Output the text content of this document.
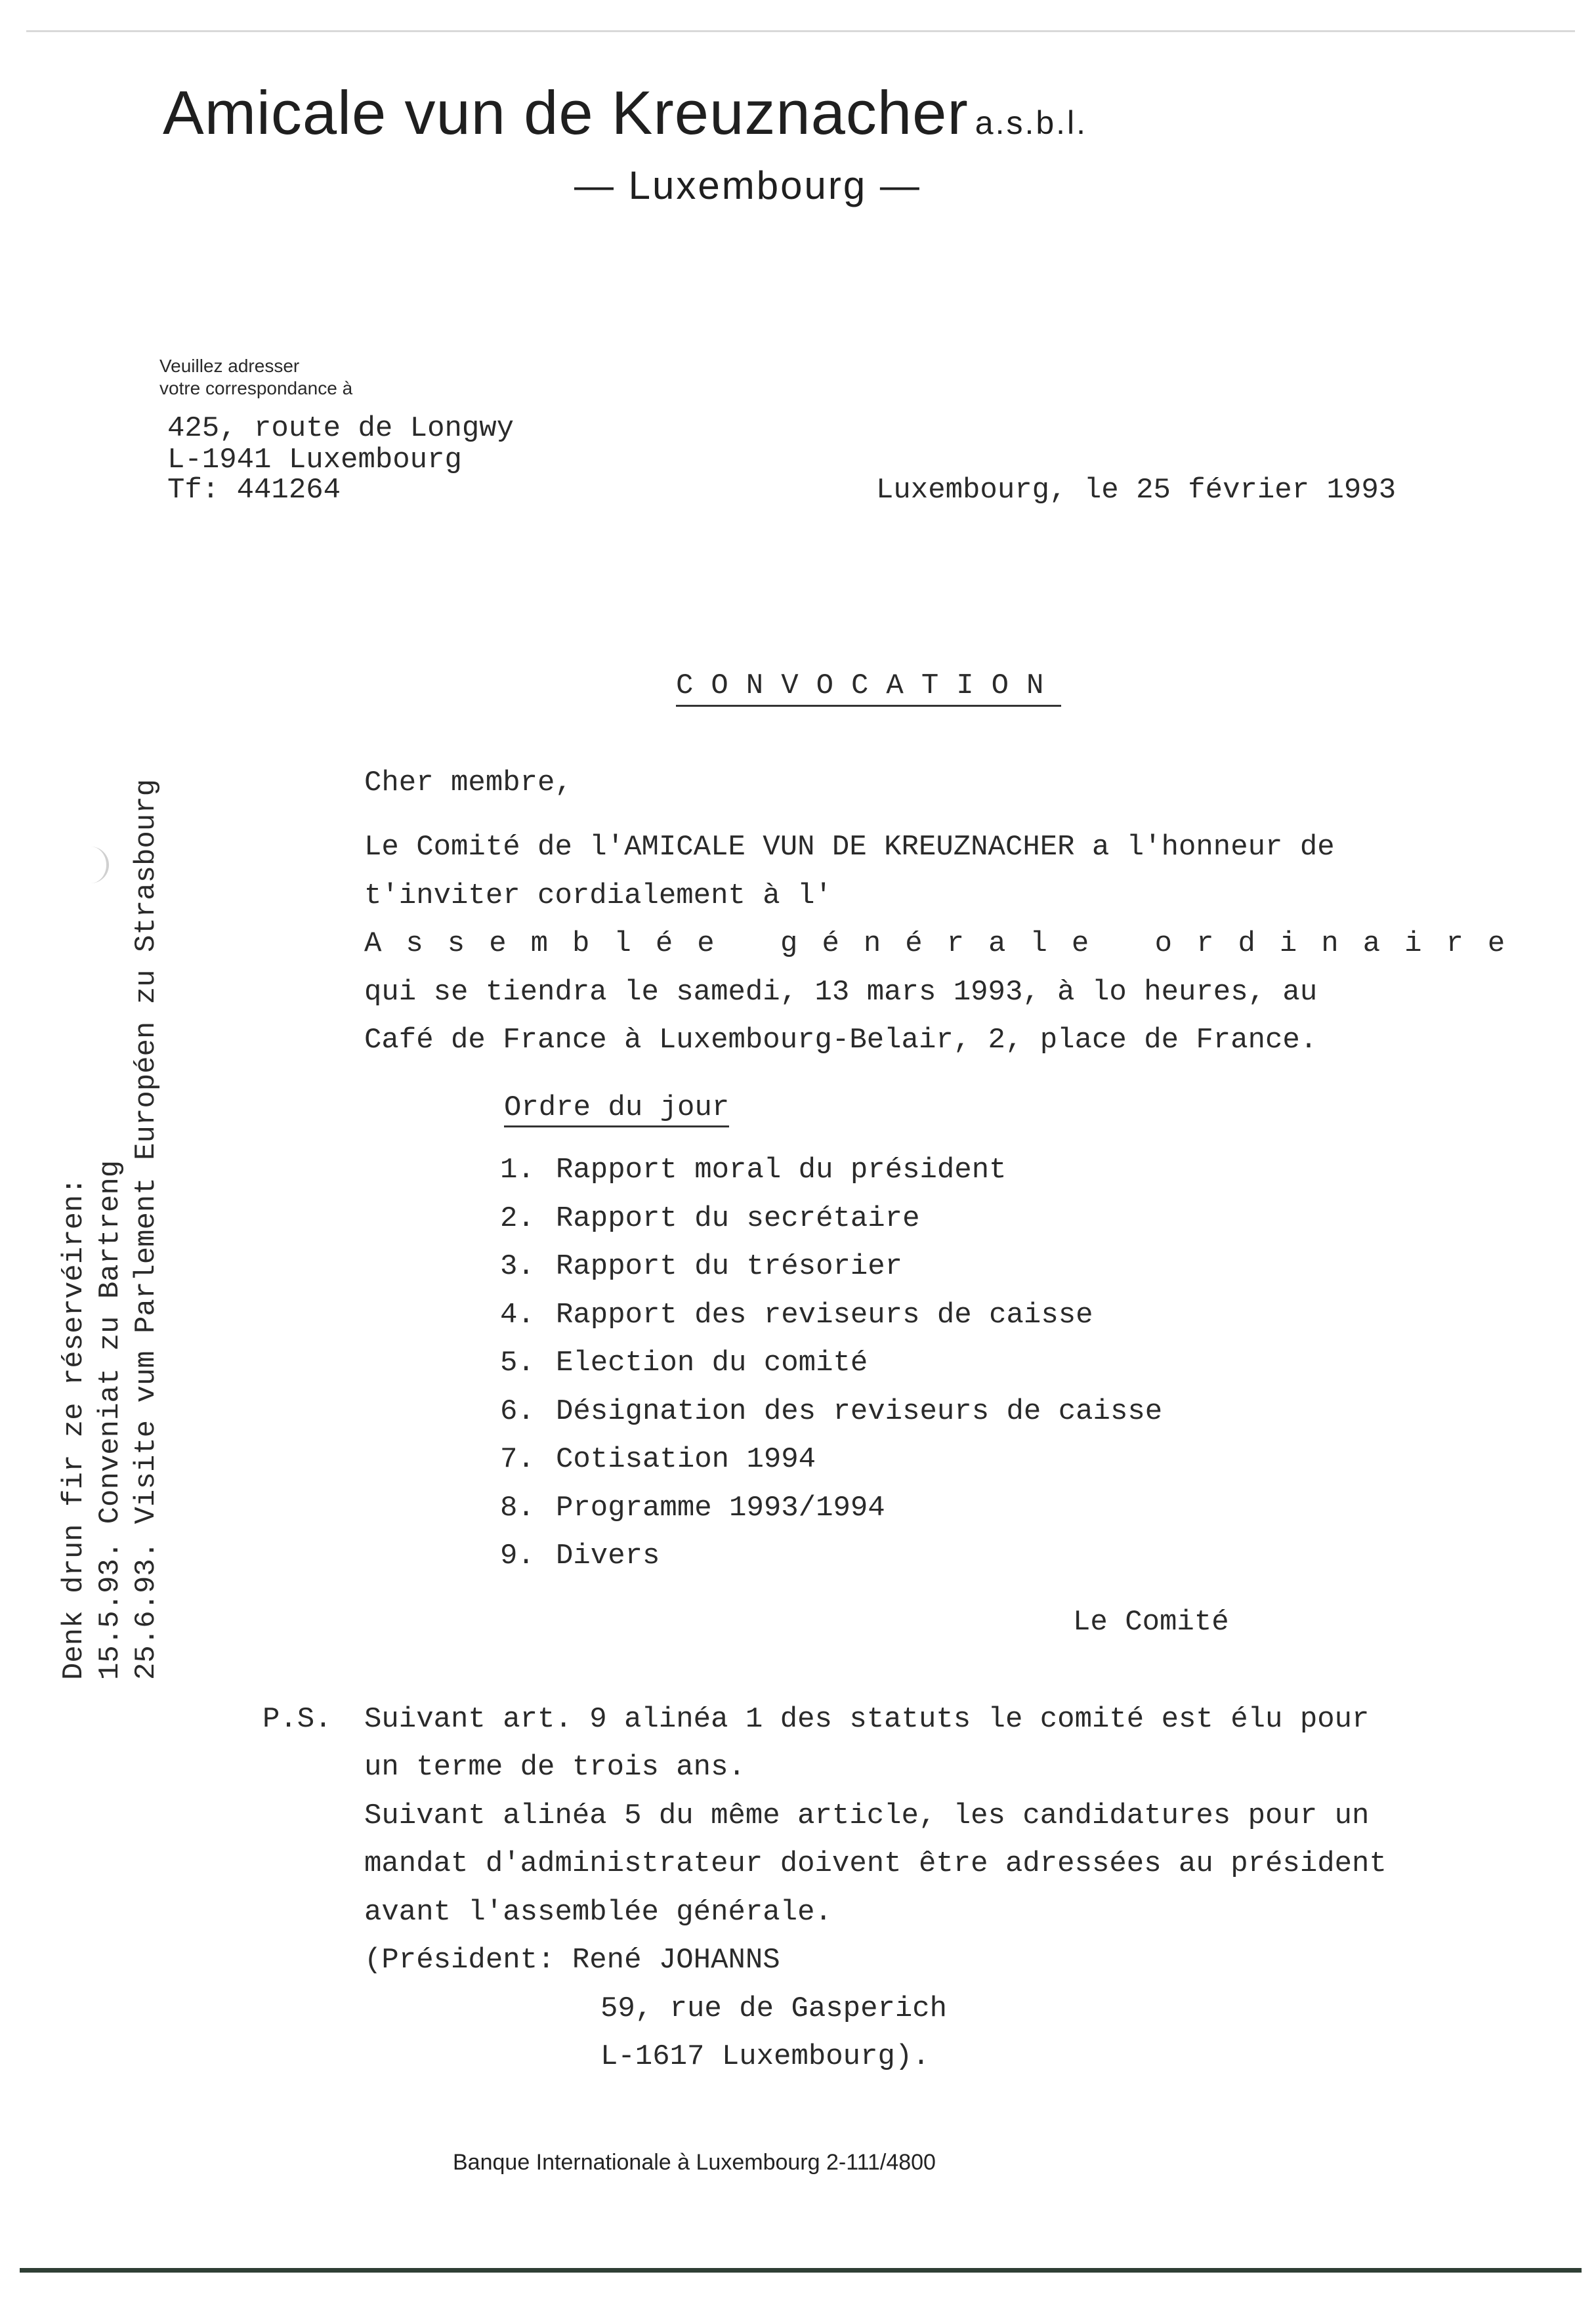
Amicale vun de Kreuznacher a.s.b.l.
— Luxembourg —
Veuillez adresser
votre correspondance à
425, route de Longwy
L-1941 Luxembourg
Tf: 441264	Luxembourg, le 25 février 1993
CONVOCATION
Cher membre,
Le Comité de l'AMICALE VUN DE KREUZNACHER a l'honneur de
t'inviter cordialement à l'
Assemblée générale ordinaire
qui se tiendra le samedi, 13 mars 1993, à lo heures, au
Café de France à Luxembourg-Belair, 2, place de France.
Ordre du jour
1. Rapport moral du président
2. Rapport du secrétaire
3. Rapport du trésorier
4. Rapport des reviseurs de caisse
5. Election du comité
6. Désignation des reviseurs de caisse
7. Cotisation 1994
8. Programme 1993/1994
9. Divers
Le Comité
P.S. Suivant art. 9 alinéa 1 des statuts le comité est élu pour
un terme de trois ans.
Suivant alinéa 5 du même article, les candidatures pour un
mandat d'administrateur doivent être adressées au président
avant l'assemblée générale.
(Président: René JOHANNS
59, rue de Gasperich
L-1617 Luxembourg).
Denk drun fir ze réservéiren: 15.5.93. Conveniat zu Bartreng 25.6.93. Visite vum Parlement Européen zu Strasbourg
Banque Internationale à Luxembourg 2-111/4800
